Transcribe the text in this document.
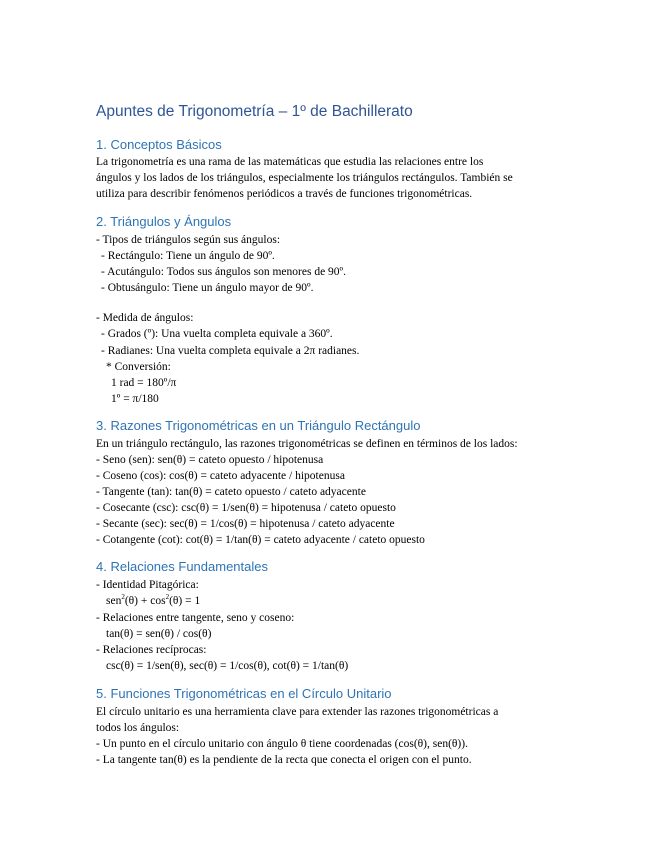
Apuntes de Trigonometría – 1º de Bachillerato
1. Conceptos Básicos

La trigonometría es una rama de las matemáticas que estudia las relaciones entre los

ángulos y los lados de los triángulos, especialmente los triángulos rectángulos. También se

utiliza para describir fenómenos periódicos a través de funciones trigonométricas.

2. Triángulos y Ángulos

- Tipos de triángulos según sus ángulos:

- Rectángulo: Tiene un ángulo de 90º.

- Acutángulo: Todos sus ángulos son menores de 90º.

- Obtusángulo: Tiene un ángulo mayor de 90º.

- Medida de ángulos:

- Grados (º): Una vuelta completa equivale a 360º.

- Radianes: Una vuelta completa equivale a 2π radianes.

* Conversión:

1 rad = 180º/π

1º = π/180

3. Razones Trigonométricas en un Triángulo Rectángulo

En un triángulo rectángulo, las razones trigonométricas se definen en términos de los lados:

- Seno (sen): sen(θ) = cateto opuesto / hipotenusa

- Coseno (cos): cos(θ) = cateto adyacente / hipotenusa

- Tangente (tan): tan(θ) = cateto opuesto / cateto adyacente

- Cosecante (csc): csc(θ) = 1/sen(θ) = hipotenusa / cateto opuesto

- Secante (sec): sec(θ) = 1/cos(θ) = hipotenusa / cateto adyacente

- Cotangente (cot): cot(θ) = 1/tan(θ) = cateto adyacente / cateto opuesto

4. Relaciones Fundamentales

- Identidad Pitagórica:

$sen^2(\theta) + \cos^2(\theta) = 1$

- Relaciones entre tangente, seno y coseno:

tan(θ) = sen(θ) / cos(θ)

- Relaciones recíprocas:

csc(θ) = 1/sen(θ), sec(θ) = 1/cos(θ), cot(θ) = 1/tan(θ)

5. Funciones Trigonométricas en el Círculo Unitario

El círculo unitario es una herramienta clave para extender las razones trigonométricas a

todos los ángulos:

- Un punto en el círculo unitario con ángulo θ tiene coordenadas (cos(θ), sen(θ)).

- La tangente tan(θ) es la pendiente de la recta que conecta el origen con el punto.
